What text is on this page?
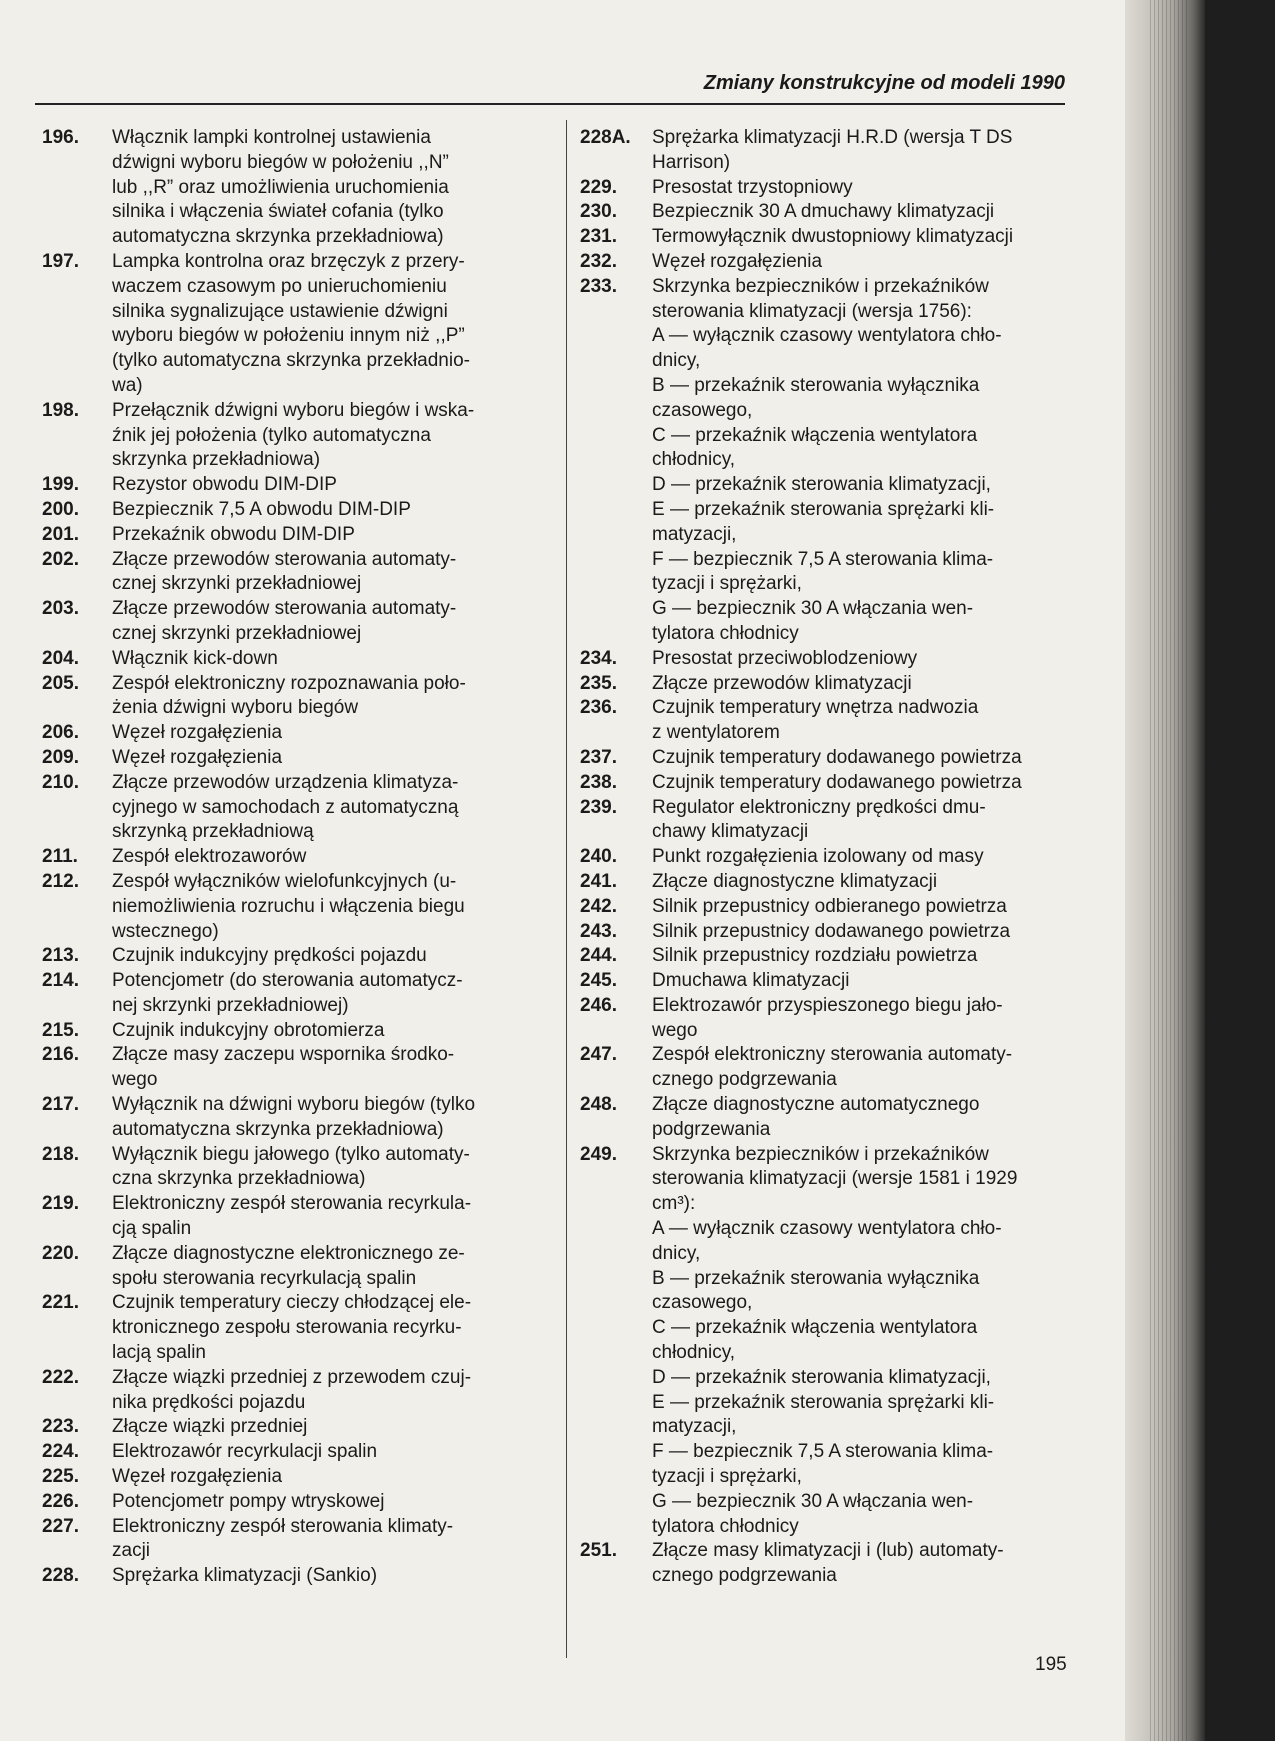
Zmiany konstrukcyjne od modeli 1990
196.	Włącznik lampki kontrolnej ustawienia
dźwigni wyboru biegów w położeniu ,,N”
lub ,,R” oraz umożliwienia uruchomienia
silnika i włączenia świateł cofania (tylko
automatyczna skrzynka przekładniowa)
197.	Lampka kontrolna oraz brzęczyk z przery-
waczem czasowym po unieruchomieniu
silnika sygnalizujące ustawienie dźwigni
wyboru biegów w położeniu innym niż ,,P”
(tylko automatyczna skrzynka przekładnio-
wa)
198.	Przełącznik dźwigni wyboru biegów i wska-
źnik jej położenia (tylko automatyczna
skrzynka przekładniowa)
199.	Rezystor obwodu DIM-DIP
200.	Bezpiecznik 7,5 A obwodu DIM-DIP
201.	Przekaźnik obwodu DIM-DIP
202.	Złącze przewodów sterowania automaty-
cznej skrzynki przekładniowej
203.	Złącze przewodów sterowania automaty-
cznej skrzynki przekładniowej
204.	Włącznik kick-down
205.	Zespół elektroniczny rozpoznawania poło-
żenia dźwigni wyboru biegów
206.	Węzeł rozgałęzienia
209.	Węzeł rozgałęzienia
210.	Złącze przewodów urządzenia klimatyza-
cyjnego w samochodach z automatyczną
skrzynką przekładniową
211.	Zespół elektrozaworów
212.	Zespół wyłączników wielofunkcyjnych (u-
niemożliwienia rozruchu i włączenia biegu
wstecznego)
213.	Czujnik indukcyjny prędkości pojazdu
214.	Potencjometr (do sterowania automatycz-
nej skrzynki przekładniowej)
215.	Czujnik indukcyjny obrotomierza
216.	Złącze masy zaczepu wspornika środko-
wego
217.	Wyłącznik na dźwigni wyboru biegów (tylko
automatyczna skrzynka przekładniowa)
218.	Wyłącznik biegu jałowego (tylko automaty-
czna skrzynka przekładniowa)
219.	Elektroniczny zespół sterowania recyrkula-
cją spalin
220.	Złącze diagnostyczne elektronicznego ze-
społu sterowania recyrkulacją spalin
221.	Czujnik temperatury cieczy chłodzącej ele-
ktronicznego zespołu sterowania recyrku-
lacją spalin
222.	Złącze wiązki przedniej z przewodem czuj-
nika prędkości pojazdu
223.	Złącze wiązki przedniej
224.	Elektrozawór recyrkulacji spalin
225.	Węzeł rozgałęzienia
226.	Potencjometr pompy wtryskowej
227.	Elektroniczny zespół sterowania klimaty-
zacji
228.	Sprężarka klimatyzacji (Sankio)
228A.	Sprężarka klimatyzacji H.R.D (wersja T DS
Harrison)
229.	Presostat trzystopniowy
230.	Bezpiecznik 30 A dmuchawy klimatyzacji
231.	Termowyłącznik dwustopniowy klimatyzacji
232.	Węzeł rozgałęzienia
233.	Skrzynka bezpieczników i przekaźników
sterowania klimatyzacji (wersja 1756):
A — wyłącznik czasowy wentylatora chło-
dnicy,
B — przekaźnik sterowania wyłącznika
czasowego,
C — przekaźnik włączenia wentylatora
chłodnicy,
D — przekaźnik sterowania klimatyzacji,
E — przekaźnik sterowania sprężarki kli-
matyzacji,
F — bezpiecznik 7,5 A sterowania klima-
tyzacji i sprężarki,
G — bezpiecznik 30 A włączania wen-
tylatora chłodnicy
234.	Presostat przeciwoblodzeniowy
235.	Złącze przewodów klimatyzacji
236.	Czujnik temperatury wnętrza nadwozia
z wentylatorem
237.	Czujnik temperatury dodawanego powietrza
238.	Czujnik temperatury dodawanego powietrza
239.	Regulator elektroniczny prędkości dmu-
chawy klimatyzacji
240.	Punkt rozgałęzienia izolowany od masy
241.	Złącze diagnostyczne klimatyzacji
242.	Silnik przepustnicy odbieranego powietrza
243.	Silnik przepustnicy dodawanego powietrza
244.	Silnik przepustnicy rozdziału powietrza
245.	Dmuchawa klimatyzacji
246.	Elektrozawór przyspieszonego biegu jało-
wego
247.	Zespół elektroniczny sterowania automaty-
cznego podgrzewania
248.	Złącze diagnostyczne automatycznego
podgrzewania
249.	Skrzynka bezpieczników i przekaźników
sterowania klimatyzacji (wersje 1581 i 1929
cm³):
A — wyłącznik czasowy wentylatora chło-
dnicy,
B — przekaźnik sterowania wyłącznika
czasowego,
C — przekaźnik włączenia wentylatora
chłodnicy,
D — przekaźnik sterowania klimatyzacji,
E — przekaźnik sterowania sprężarki kli-
matyzacji,
F — bezpiecznik 7,5 A sterowania klima-
tyzacji i sprężarki,
G — bezpiecznik 30 A włączania wen-
tylatora chłodnicy
251.	Złącze masy klimatyzacji i (lub) automaty-
cznego podgrzewania
195
